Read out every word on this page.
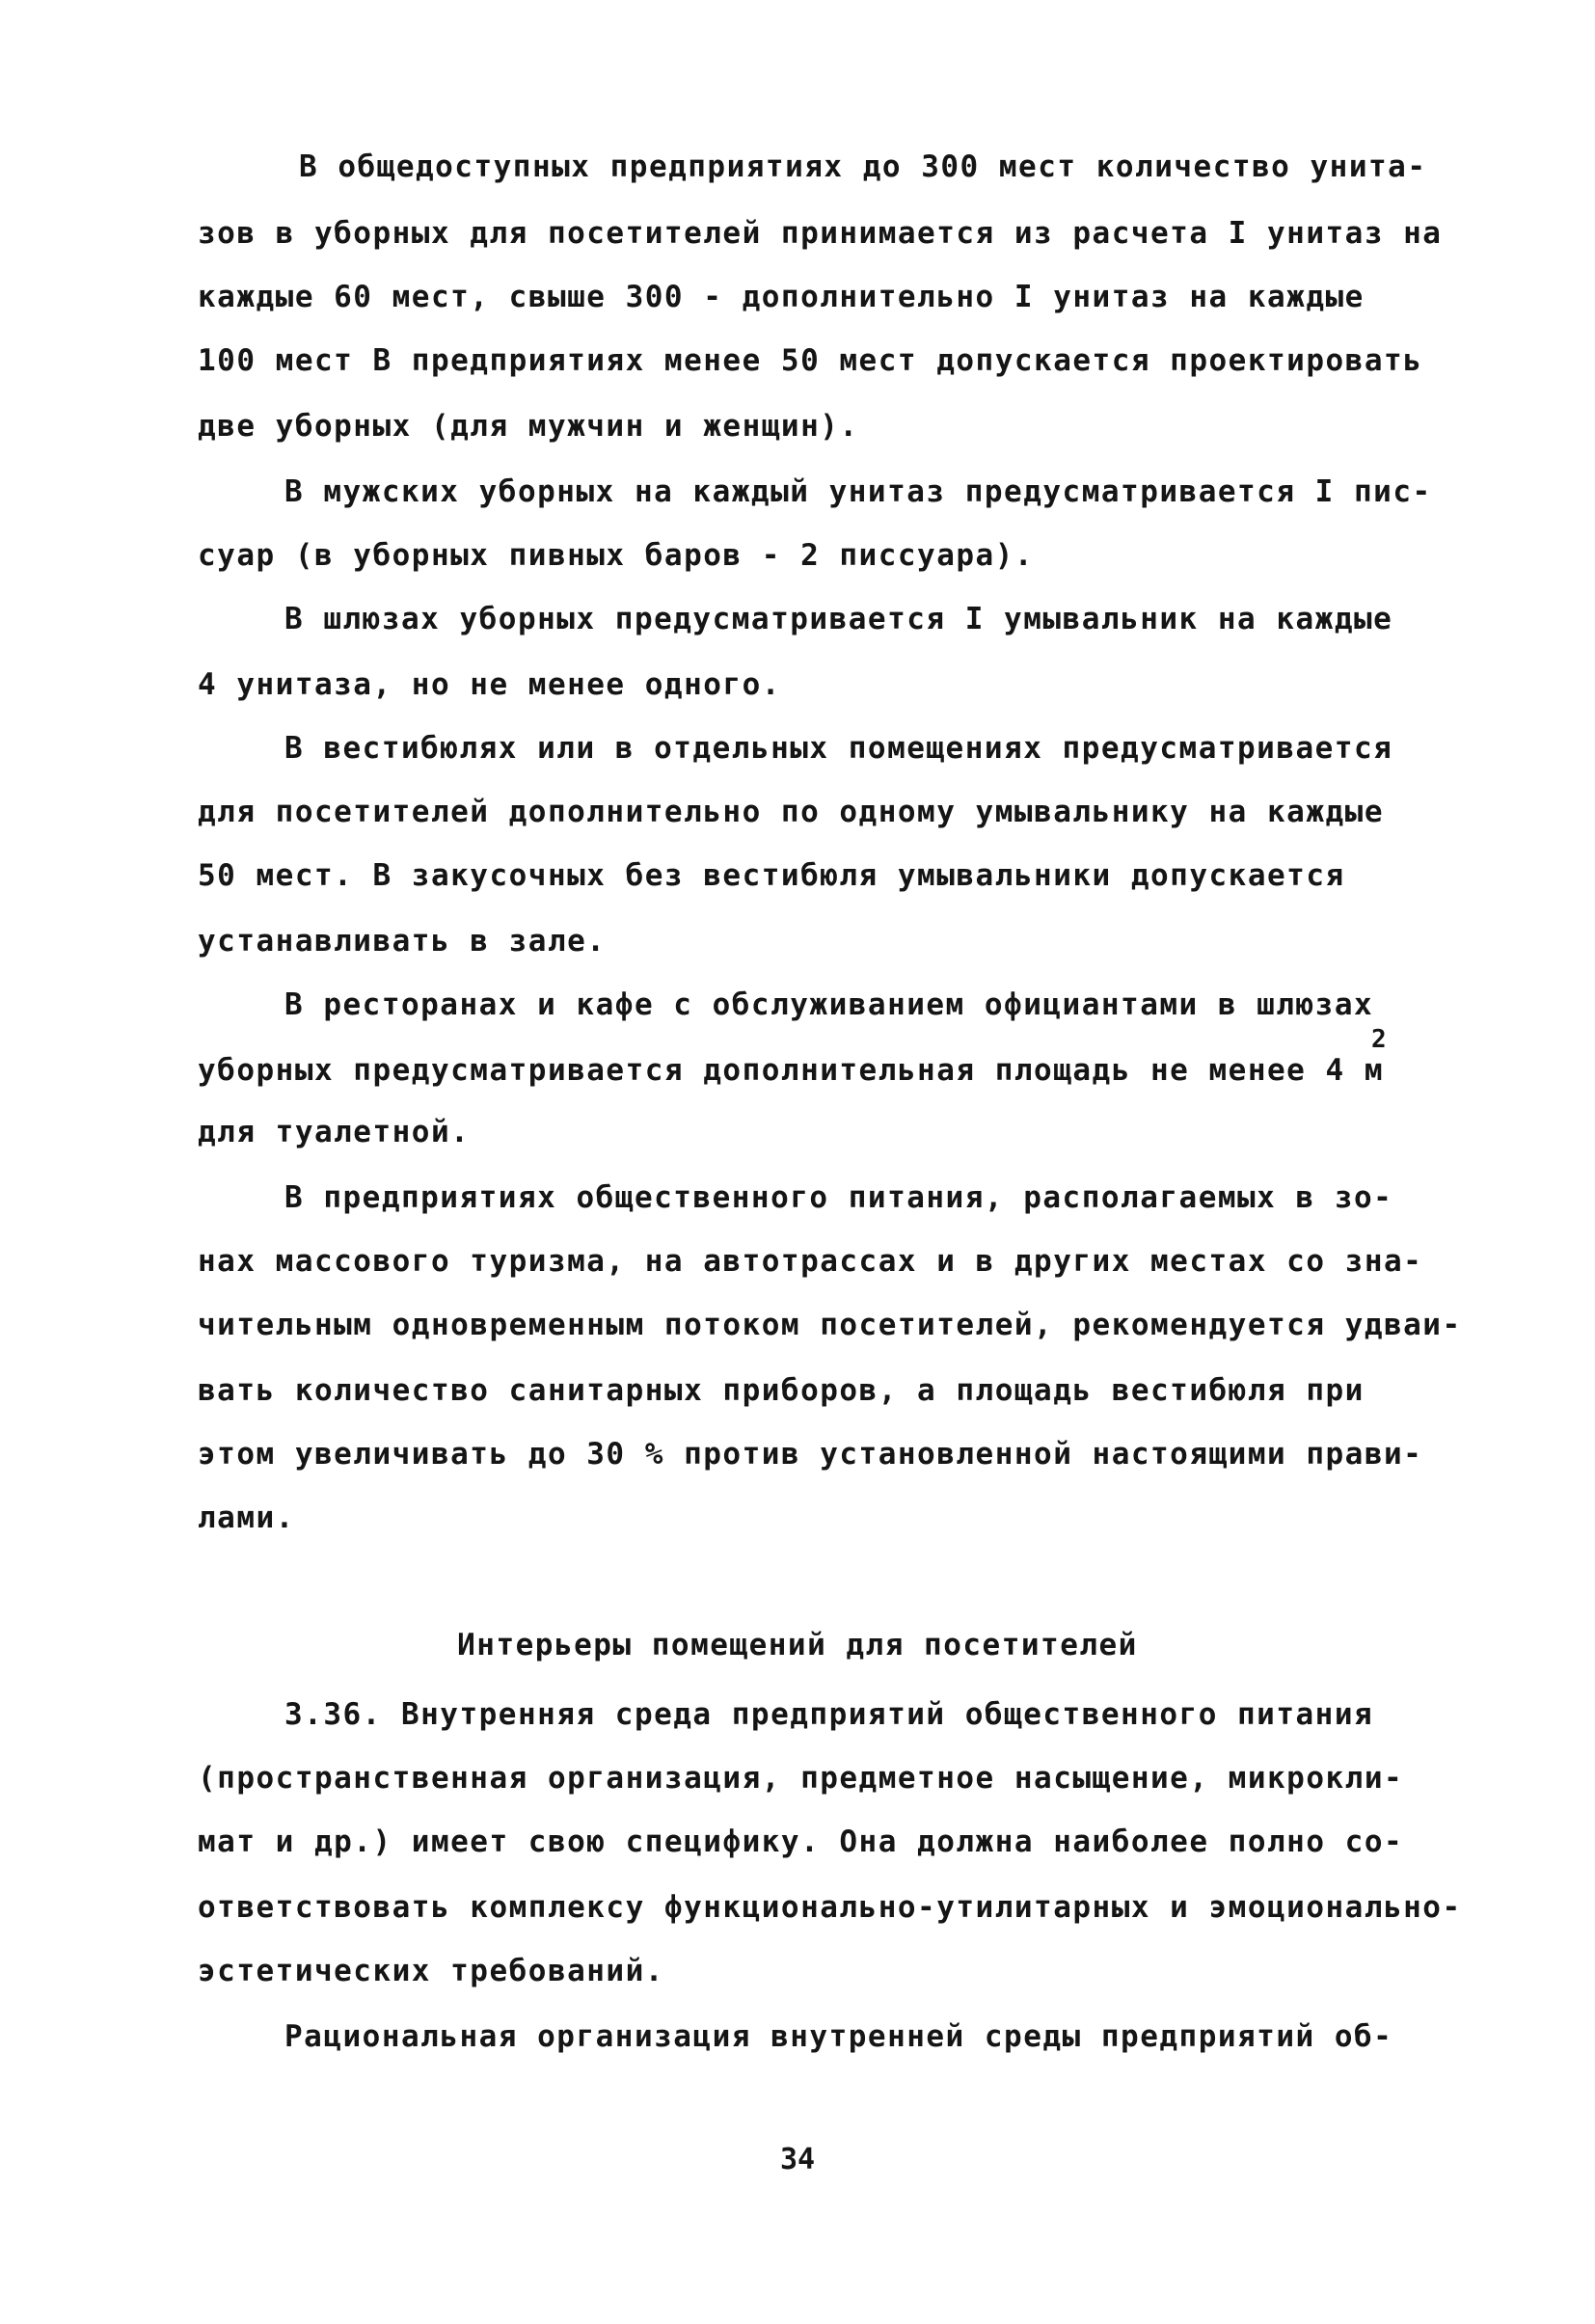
В общедоступных предприятиях до 300 мест количество унита-
зов в уборных для посетителей принимается из расчета I унитаз на
каждые 60 мест, свыше 300 - дополнительно I унитаз на каждые
100 мест В предприятиях менее 50 мест допускается проектировать
две уборных (для мужчин и женщин).
В мужских уборных на каждый унитаз предусматривается I пис-
суар (в уборных пивных баров - 2 писсуара).
В шлюзах уборных предусматривается I умывальник на каждые
4 унитаза, но не менее одного.
В вестибюлях или в отдельных помещениях предусматривается
для посетителей дополнительно по одному умывальнику на каждые
50 мест. В закусочных без вестибюля умывальники допускается
устанавливать в зале.
В ресторанах и кафе с обслуживанием официантами в шлюзах
уборных предусматривается дополнительная площадь не менее 4 м
2
для туалетной.
В предприятиях общественного питания, располагаемых в зо-
нах массового туризма, на автотрассах и в других местах со зна-
чительным одновременным потоком посетителей, рекомендуется удваи-
вать количество санитарных приборов, а площадь вестибюля при
этом увеличивать до 30 % против установленной настоящими прави-
лами.
Интерьеры помещений для посетителей
3.36. Внутренняя среда предприятий общественного питания
(пространственная организация, предметное насыщение, микрокли-
мат и др.) имеет свою специфику. Она должна наиболее полно со-
ответствовать комплексу функционально-утилитарных и эмоционально-
эстетических требований.
Рациональная организация внутренней среды предприятий об-
34
